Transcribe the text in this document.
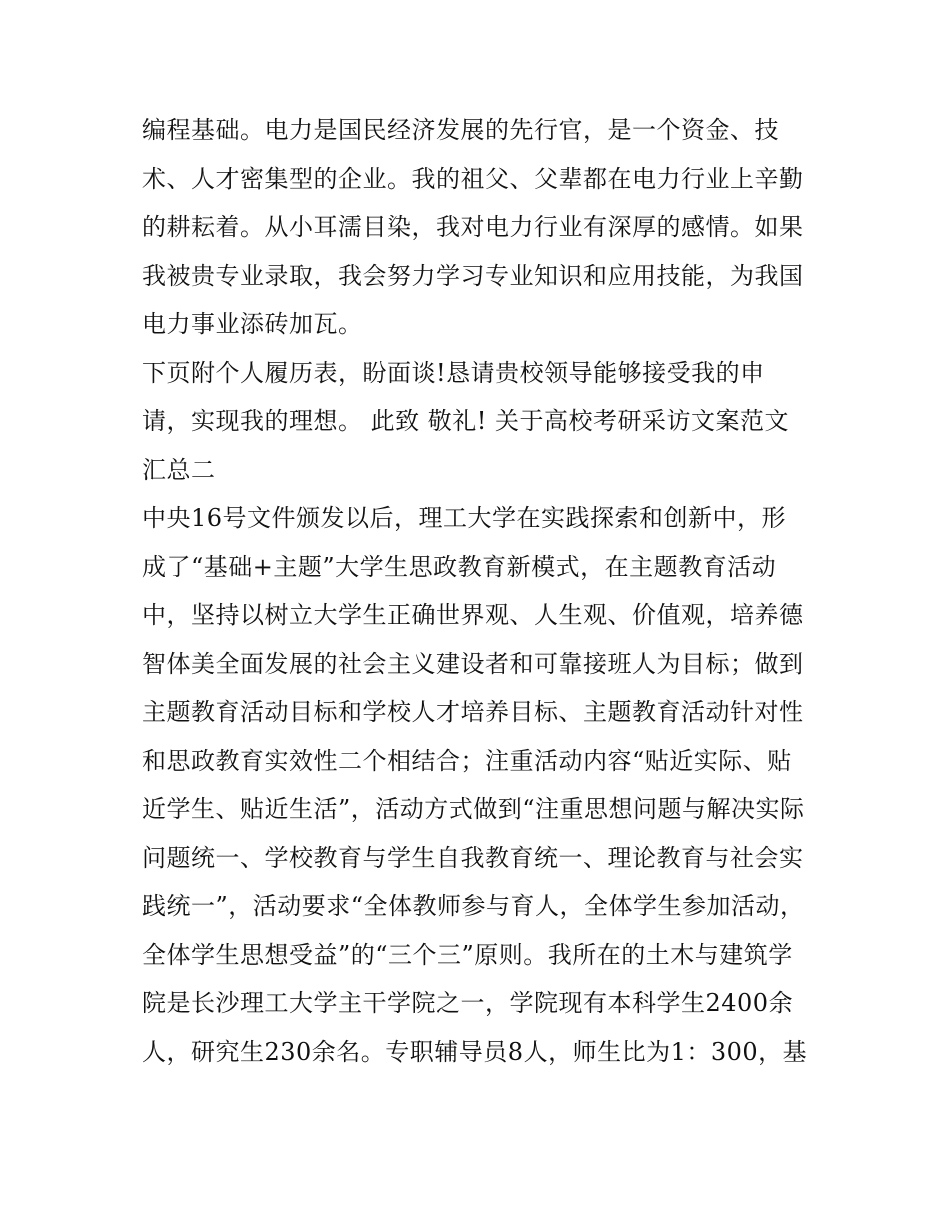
编程基础。电力是国民经济发展的先行官，是一个资金、技
术、人才密集型的企业。我的祖父、父辈都在电力行业上辛勤
的耕耘着。从小耳濡目染，我对电力行业有深厚的感情。如果
我被贵专业录取，我会努力学习专业知识和应用技能，为我国
电力事业添砖加瓦。
下页附个人履历表，盼面谈!恳请贵校领导能够接受我的申
请，实现我的理想。 此致 敬礼! 关于高校考研采访文案范文
汇总二
中央16号文件颁发以后，理工大学在实践探索和创新中，形
成了“基础+主题”大学生思政教育新模式，在主题教育活动
中，坚持以树立大学生正确世界观、人生观、价值观，培养德
智体美全面发展的社会主义建设者和可靠接班人为目标；做到
主题教育活动目标和学校人才培养目标、主题教育活动针对性
和思政教育实效性二个相结合；注重活动内容“贴近实际、贴
近学生、贴近生活”，活动方式做到“注重思想问题与解决实际
问题统一、学校教育与学生自我教育统一、理论教育与社会实
践统一”，活动要求“全体教师参与育人，全体学生参加活动，
全体学生思想受益”的“三个三”原则。我所在的土木与建筑学
院是长沙理工大学主干学院之一，学院现有本科学生2400余
人，研究生230余名。专职辅导员8人，师生比为1：300，基
